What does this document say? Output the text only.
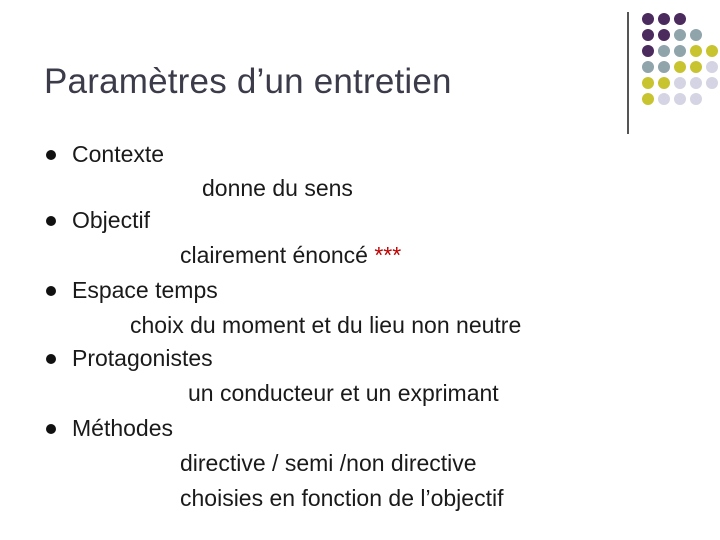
Paramètres d’un entretien
Contexte
donne du sens
Objectif
clairement énoncé ***
Espace temps
choix du moment et du lieu non neutre
Protagonistes
un conducteur et un exprimant
Méthodes
directive / semi /non directive
choisies en fonction de l’objectif
